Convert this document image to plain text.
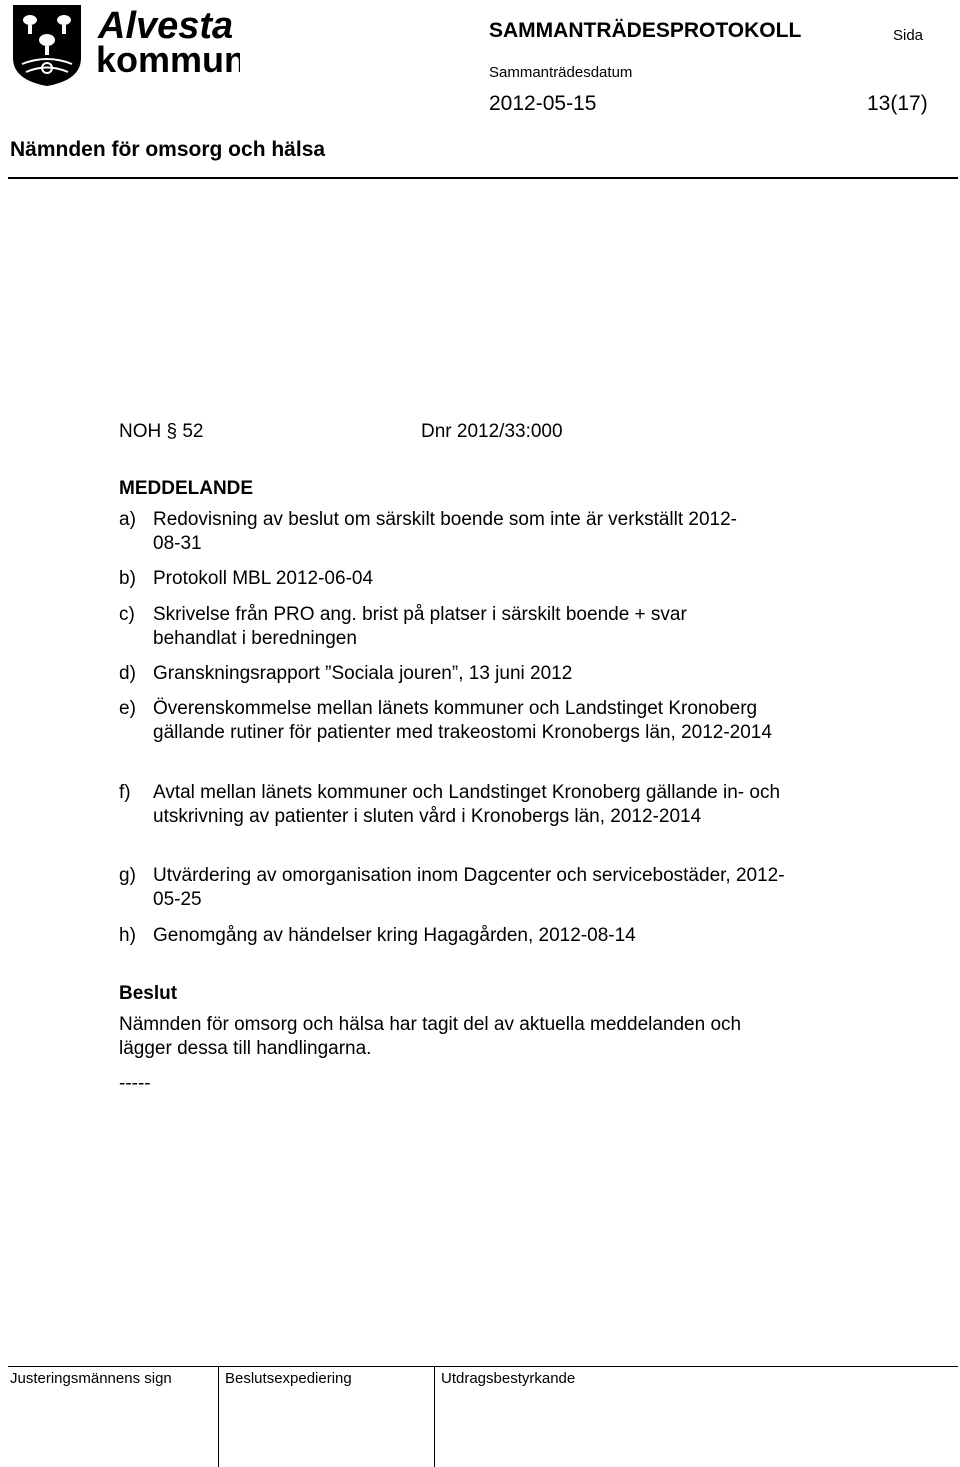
Alvesta
kommun
SAMMANTRÄDESPROTOKOLL	Sida
Sammanträdesdatum
2012-05-15	13(17)
Nämnden för omsorg och hälsa
NOH § 52	Dnr 2012/33:000
MEDDELANDE
a) Redovisning av beslut om särskilt boende som inte är verkställt 2012-08-31
b) Protokoll MBL 2012-06-04
c) Skrivelse från PRO ang. brist på platser i särskilt boende + svar behandlat i beredningen
d) Granskningsrapport ”Sociala jouren”, 13 juni 2012
e) Överenskommelse mellan länets kommuner och Landstinget Kronoberg gällande rutiner för patienter med trakeostomi Kronobergs län, 2012-2014
f)	Avtal mellan länets kommuner och Landstinget Kronoberg gällande in- och utskrivning av patienter i sluten vård i Kronobergs län, 2012-2014
g) Utvärdering av omorganisation inom Dagcenter och servicebostäder, 2012-05-25
h) Genomgång av händelser kring Hagagården, 2012-08-14
Beslut
Nämnden för omsorg och hälsa har tagit del av aktuella meddelanden och lägger dessa till handlingarna.
-----
Justeringsmännens sign	Beslutsexpediering	Utdragsbestyrkande
